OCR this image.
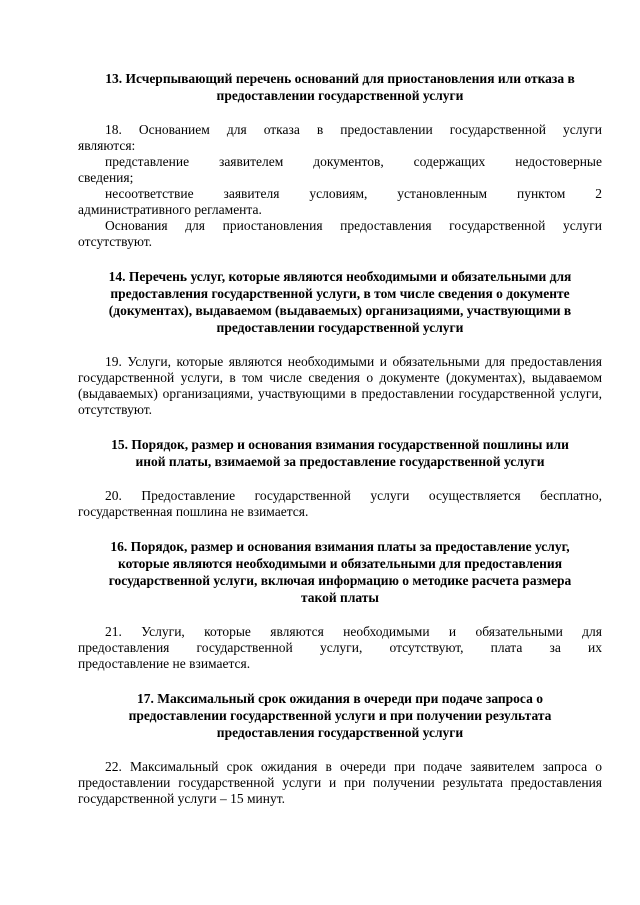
13. Исчерпывающий перечень оснований для приостановления или отказа в
предоставлении государственной услуги

18. Основанием для отказа в предоставлении государственной услуги

являются:

представление заявителем документов, содержащих недостоверные

сведения;

несоответствие заявителя условиям, установленным пунктом 2

административного регламента.

Основания для приостановления предоставления государственной услуги отсутствуют.

14. Перечень услуг, которые являются необходимыми и обязательными для
предоставления государственной услуги, в том числе сведения о документе
(документах), выдаваемом (выдаваемых) организациями, участвующими в
предоставлении государственной услуги

19. Услуги, которые являются необходимыми и обязательными для предоставления государственной услуги, в том числе сведения о документе (документах), выдаваемом (выдаваемых) организациями, участвующими в предоставлении государственной услуги, отсутствуют.

15. Порядок, размер и основания взимания государственной пошлины или
иной платы, взимаемой за предоставление государственной услуги

20. Предоставление государственной услуги осуществляется бесплатно, государственная пошлина не взимается.

16. Порядок, размер и основания взимания платы за предоставление услуг,
которые являются необходимыми и обязательными для предоставления
государственной услуги, включая информацию о методике расчета размера
такой платы

21. Услуги, которые являются необходимыми и обязательными для

предоставления государственной услуги, отсутствуют, плата за их

предоставление не взимается.

17. Максимальный срок ожидания в очереди при подаче запроса о
предоставлении государственной услуги и при получении результата
предоставления государственной услуги

22. Максимальный срок ожидания в очереди при подаче заявителем запроса о предоставлении государственной услуги и при получении результата предоставления государственной услуги – 15 минут.
